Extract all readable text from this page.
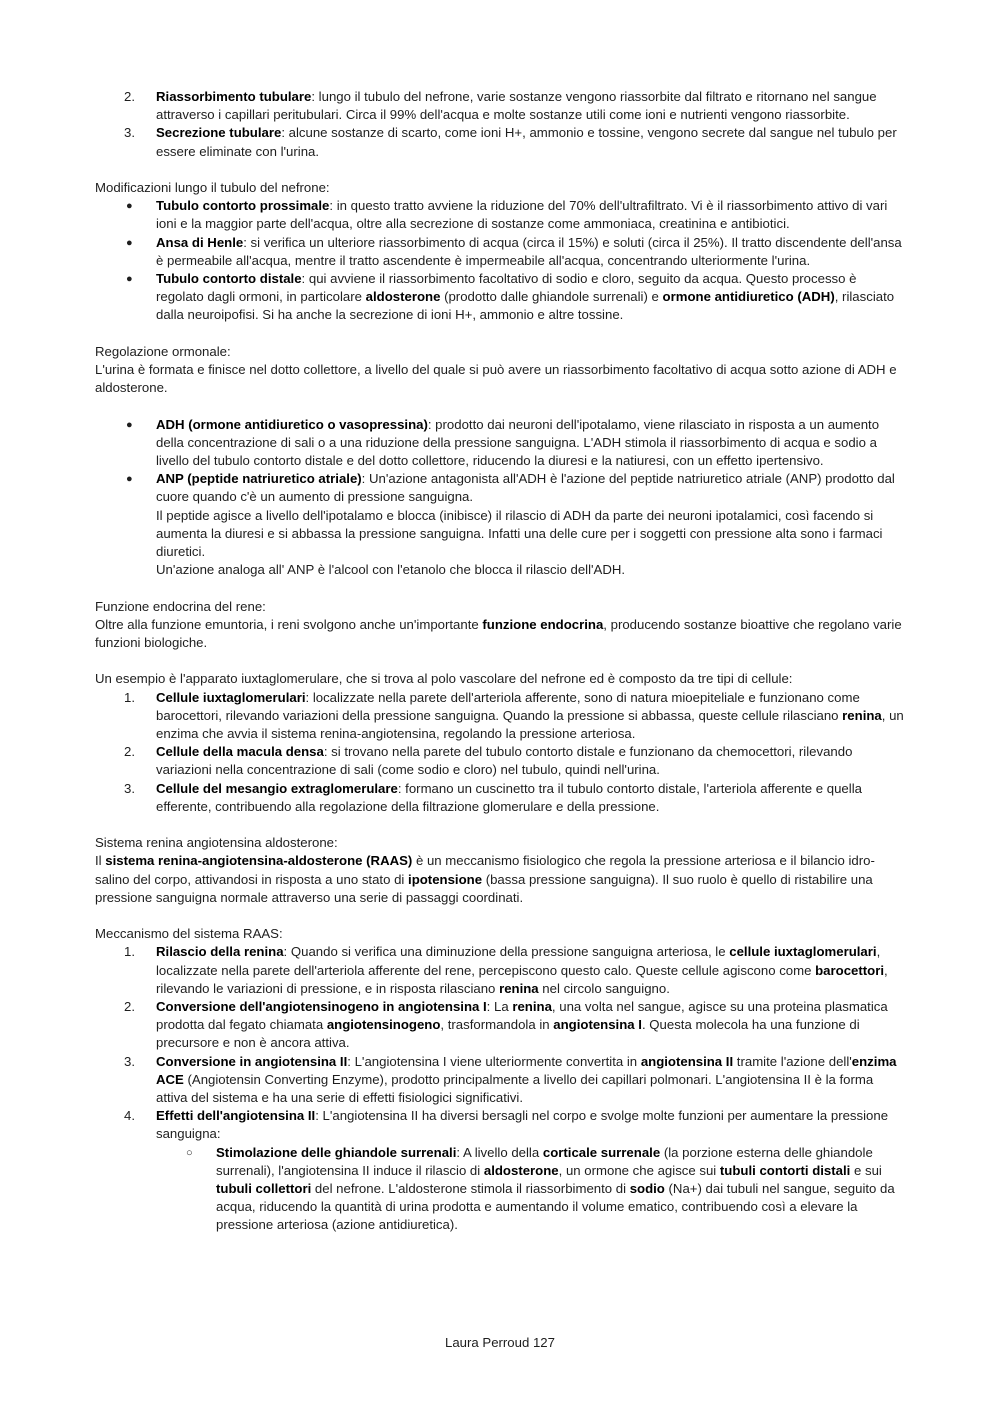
2. Riassorbimento tubulare: lungo il tubulo del nefrone, varie sostanze vengono riassorbite dal filtrato e ritornano nel sangue attraverso i capillari peritubulari. Circa il 99% dell'acqua e molte sostanze utili come ioni e nutrienti vengono riassorbite.

3. Secrezione tubulare: alcune sostanze di scarto, come ioni H+, ammonio e tossine, vengono secrete dal sangue nel tubulo per essere eliminate con l'urina.

Modificazioni lungo il tubulo del nefrone:

● Tubulo contorto prossimale: in questo tratto avviene la riduzione del 70% dell'ultrafiltrato. Vi è il riassorbimento attivo di vari ioni e la maggior parte dell'acqua, oltre alla secrezione di sostanze come ammoniaca, creatinina e antibiotici.

● Ansa di Henle: si verifica un ulteriore riassorbimento di acqua (circa il 15%) e soluti (circa il 25%). Il tratto discendente dell'ansa è permeabile all'acqua, mentre il tratto ascendente è impermeabile all'acqua, concentrando ulteriormente l'urina.

● Tubulo contorto distale: qui avviene il riassorbimento facoltativo di sodio e cloro, seguito da acqua. Questo processo è regolato dagli ormoni, in particolare aldosterone (prodotto dalle ghiandole surrenali) e ormone antidiuretico (ADH), rilasciato dalla neuroipofisi. Si ha anche la secrezione di ioni H+, ammonio e altre tossine.

Regolazione ormonale:

L'urina è formata e finisce nel dotto collettore, a livello del quale si può avere un riassorbimento facoltativo di acqua sotto azione di ADH e aldosterone.

● ADH (ormone antidiuretico o vasopressina): prodotto dai neuroni dell'ipotalamo, viene rilasciato in risposta a un aumento della concentrazione di sali o a una riduzione della pressione sanguigna. L'ADH stimola il riassorbimento di acqua e sodio a livello del tubulo contorto distale e del dotto collettore, riducendo la diuresi e la natiuresi, con un effetto ipertensivo.

● ANP (peptide natriuretico atriale): Un'azione antagonista all'ADH è l'azione del peptide natriuretico atriale (ANP) prodotto dal cuore quando c'è un aumento di pressione sanguigna.

Il peptide agisce a livello dell'ipotalamo e blocca (inibisce) il rilascio di ADH da parte dei neuroni ipotalamici, così facendo si aumenta la diuresi e si abbassa la pressione sanguigna. Infatti una delle cure per i soggetti con pressione alta sono i farmaci diuretici.

Un'azione analoga all' ANP è l'alcool con l'etanolo che blocca il rilascio dell'ADH.

Funzione endocrina del rene:

Oltre alla funzione emuntoria, i reni svolgono anche un'importante funzione endocrina, producendo sostanze bioattive che regolano varie funzioni biologiche.

Un esempio è l'apparato iuxtaglomerulare, che si trova al polo vascolare del nefrone ed è composto da tre tipi di cellule:

1. Cellule iuxtaglomerulari: localizzate nella parete dell'arteriola afferente, sono di natura mioepiteliale e funzionano come barocettori, rilevando variazioni della pressione sanguigna. Quando la pressione si abbassa, queste cellule rilasciano renina, un enzima che avvia il sistema renina-angiotensina, regolando la pressione arteriosa.

2. Cellule della macula densa: si trovano nella parete del tubulo contorto distale e funzionano da chemocettori, rilevando variazioni nella concentrazione di sali (come sodio e cloro) nel tubulo, quindi nell'urina.

3. Cellule del mesangio extraglomerulare: formano un cuscinetto tra il tubulo contorto distale, l'arteriola afferente e quella efferente, contribuendo alla regolazione della filtrazione glomerulare e della pressione.

Sistema renina angiotensina aldosterone:

Il sistema renina-angiotensina-aldosterone (RAAS) è un meccanismo fisiologico che regola la pressione arteriosa e il bilancio idro-salino del corpo, attivandosi in risposta a uno stato di ipotensione (bassa pressione sanguigna). Il suo ruolo è quello di ristabilire una pressione sanguigna normale attraverso una serie di passaggi coordinati.

Meccanismo del sistema RAAS:

1. Rilascio della renina: Quando si verifica una diminuzione della pressione sanguigna arteriosa, le cellule iuxtaglomerulari, localizzate nella parete dell'arteriola afferente del rene, percepiscono questo calo. Queste cellule agiscono come barocettori, rilevando le variazioni di pressione, e in risposta rilasciano renina nel circolo sanguigno.

2. Conversione dell'angiotensinogeno in angiotensina I: La renina, una volta nel sangue, agisce su una proteina plasmatica prodotta dal fegato chiamata angiotensinogeno, trasformandola in angiotensina I. Questa molecola ha una funzione di precursore e non è ancora attiva.

3. Conversione in angiotensina II: L'angiotensina I viene ulteriormente convertita in angiotensina II tramite l'azione dell'enzima ACE (Angiotensin Converting Enzyme), prodotto principalmente a livello dei capillari polmonari. L'angiotensina II è la forma attiva del sistema e ha una serie di effetti fisiologici significativi.

4. Effetti dell'angiotensina II: L'angiotensina II ha diversi bersagli nel corpo e svolge molte funzioni per aumentare la pressione sanguigna:

○ Stimolazione delle ghiandole surrenali: A livello della corticale surrenale (la porzione esterna delle ghiandole surrenali), l'angiotensina II induce il rilascio di aldosterone, un ormone che agisce sui tubuli contorti distali e sui tubuli collettori del nefrone. L'aldosterone stimola il riassorbimento di sodio (Na+) dai tubuli nel sangue, seguito da acqua, riducendo la quantità di urina prodotta e aumentando il volume ematico, contribuendo così a elevare la pressione arteriosa (azione antidiuretica).

Laura Perroud 127
